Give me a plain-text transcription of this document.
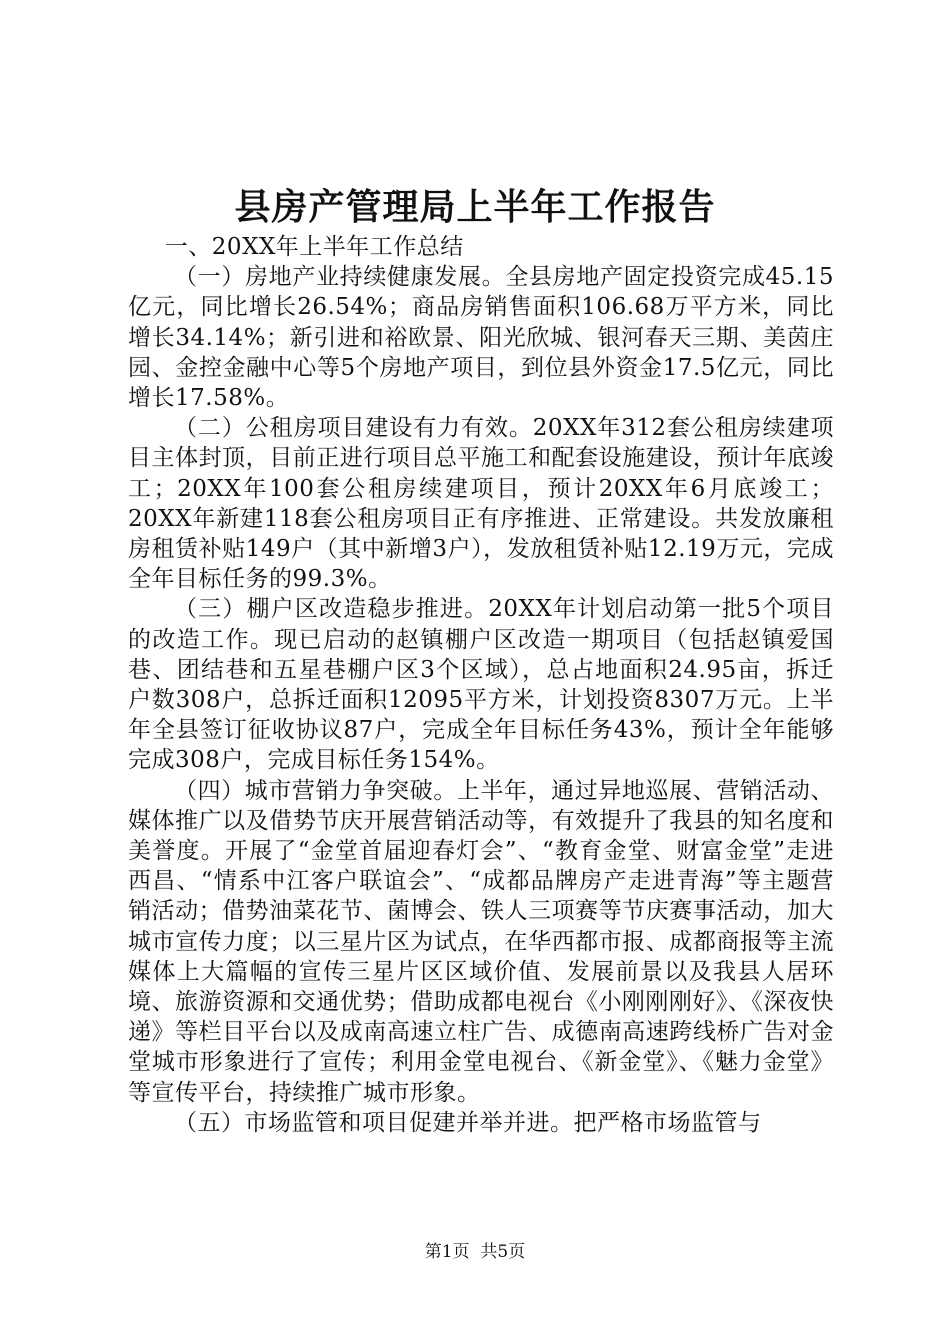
县房产管理局上半年工作报告

一、20XX年上半年工作总结

（一）房地产业持续健康发展。全县房地产固定投资完成45.15亿元，同比增长26.54%；商品房销售面积106.68万平方米，同比增长34.14%；新引进和裕欧景、阳光欣城、银河春天三期、美茵庄园、金控金融中心等5个房地产项目，到位县外资金17.5亿元，同比增长17.58%。

（二）公租房项目建设有力有效。20XX年312套公租房续建项目主体封顶，目前正进行项目总平施工和配套设施建设，预计年底竣工；20XX年100套公租房续建项目，预计20XX年6月底竣工；20XX年新建118套公租房项目正有序推进、正常建设。共发放廉租房租赁补贴149户（其中新增3户），发放租赁补贴12.19万元，完成全年目标任务的99.3%。

（三）棚户区改造稳步推进。20XX年计划启动第一批5个项目的改造工作。现已启动的赵镇棚户区改造一期项目（包括赵镇爱国巷、团结巷和五星巷棚户区3个区域），总占地面积24.95亩，拆迁户数308户，总拆迁面积12095平方米，计划投资8307万元。上半年全县签订征收协议87户，完成全年目标任务43%，预计全年能够完成308户，完成目标任务154%。

（四）城市营销力争突破。上半年，通过异地巡展、营销活动、媒体推广以及借势节庆开展营销活动等，有效提升了我县的知名度和美誉度。开展了“金堂首届迎春灯会”、“教育金堂、财富金堂”走进西昌、“情系中江客户联谊会”、“成都品牌房产走进青海”等主题营销活动；借势油菜花节、菌博会、铁人三项赛等节庆赛事活动，加大城市宣传力度；以三星片区为试点，在华西都市报、成都商报等主流媒体上大篇幅的宣传三星片区区域价值、发展前景以及我县人居环境、旅游资源和交通优势；借助成都电视台《小刚刚刚好》、《深夜快递》等栏目平台以及成南高速立柱广告、成德南高速跨线桥广告对金堂城市形象进行了宣传；利用金堂电视台、《新金堂》、《魅力金堂》等宣传平台，持续推广城市形象。

（五）市场监管和项目促建并举并进。把严格市场监管与

第1页 共5页
